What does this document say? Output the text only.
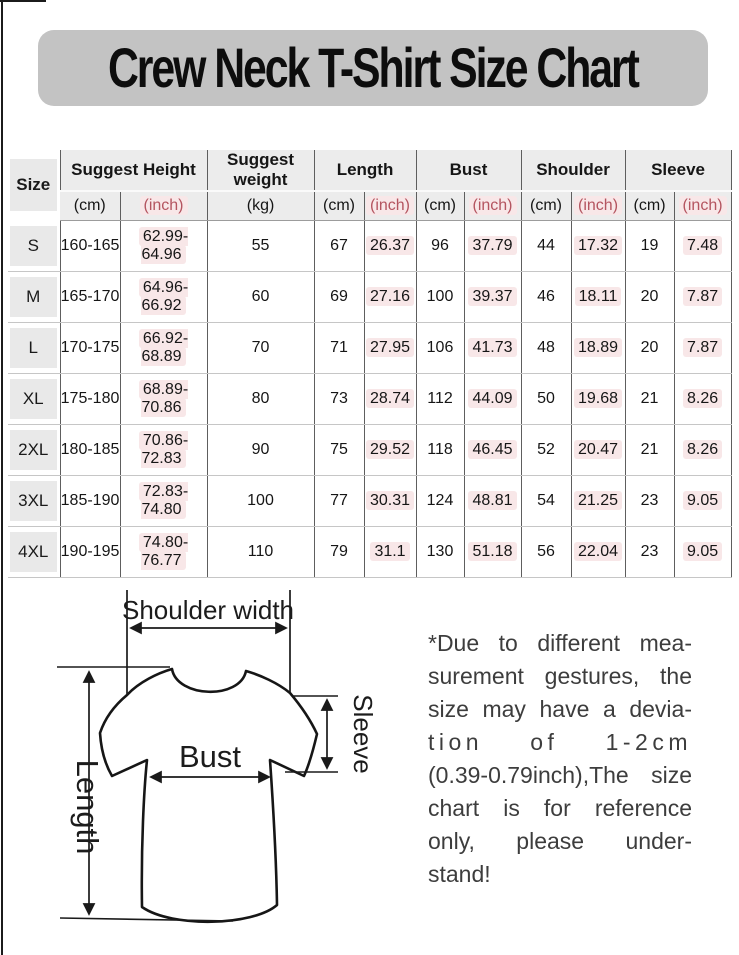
Crew Neck T-Shirt Size Chart
Size	Suggest Height		Suggest weight	Length		Bust		Shoulder		Sleeve	
	(cm)	(inch)	(kg)	(cm)	(inch)	(cm)	(inch)	(cm)	(inch)	(cm)	(inch)

S	160-165	62.99-64.96	55	67	26.37	96	37.79	44	17.32	19	7.48

M	165-170	64.96-66.92	60	69	27.16	100	39.37	46	18.11	20	7.87

L	170-175	66.92-68.89	70	71	27.95	106	41.73	48	18.89	20	7.87

XL	175-180	68.89-70.86	80	73	28.74	112	44.09	50	19.68	21	8.26

2XL	180-185	70.86-72.83	90	75	29.52	118	46.45	52	20.47	21	8.26

3XL	185-190	72.83-74.80	100	77	30.31	124	48.81	54	21.25	23	9.05

4XL	190-195	74.80-76.77	110	79	31.1	130	51.18	56	22.04	23	9.05
Shoulder width
Length
Sleeve
Bust
*Due to different mea-
surement gestures, the
size may have a devia-
tion of 1-2cm
(0.39-0.79inch),The size
chart is for reference
only, please under-
stand!
